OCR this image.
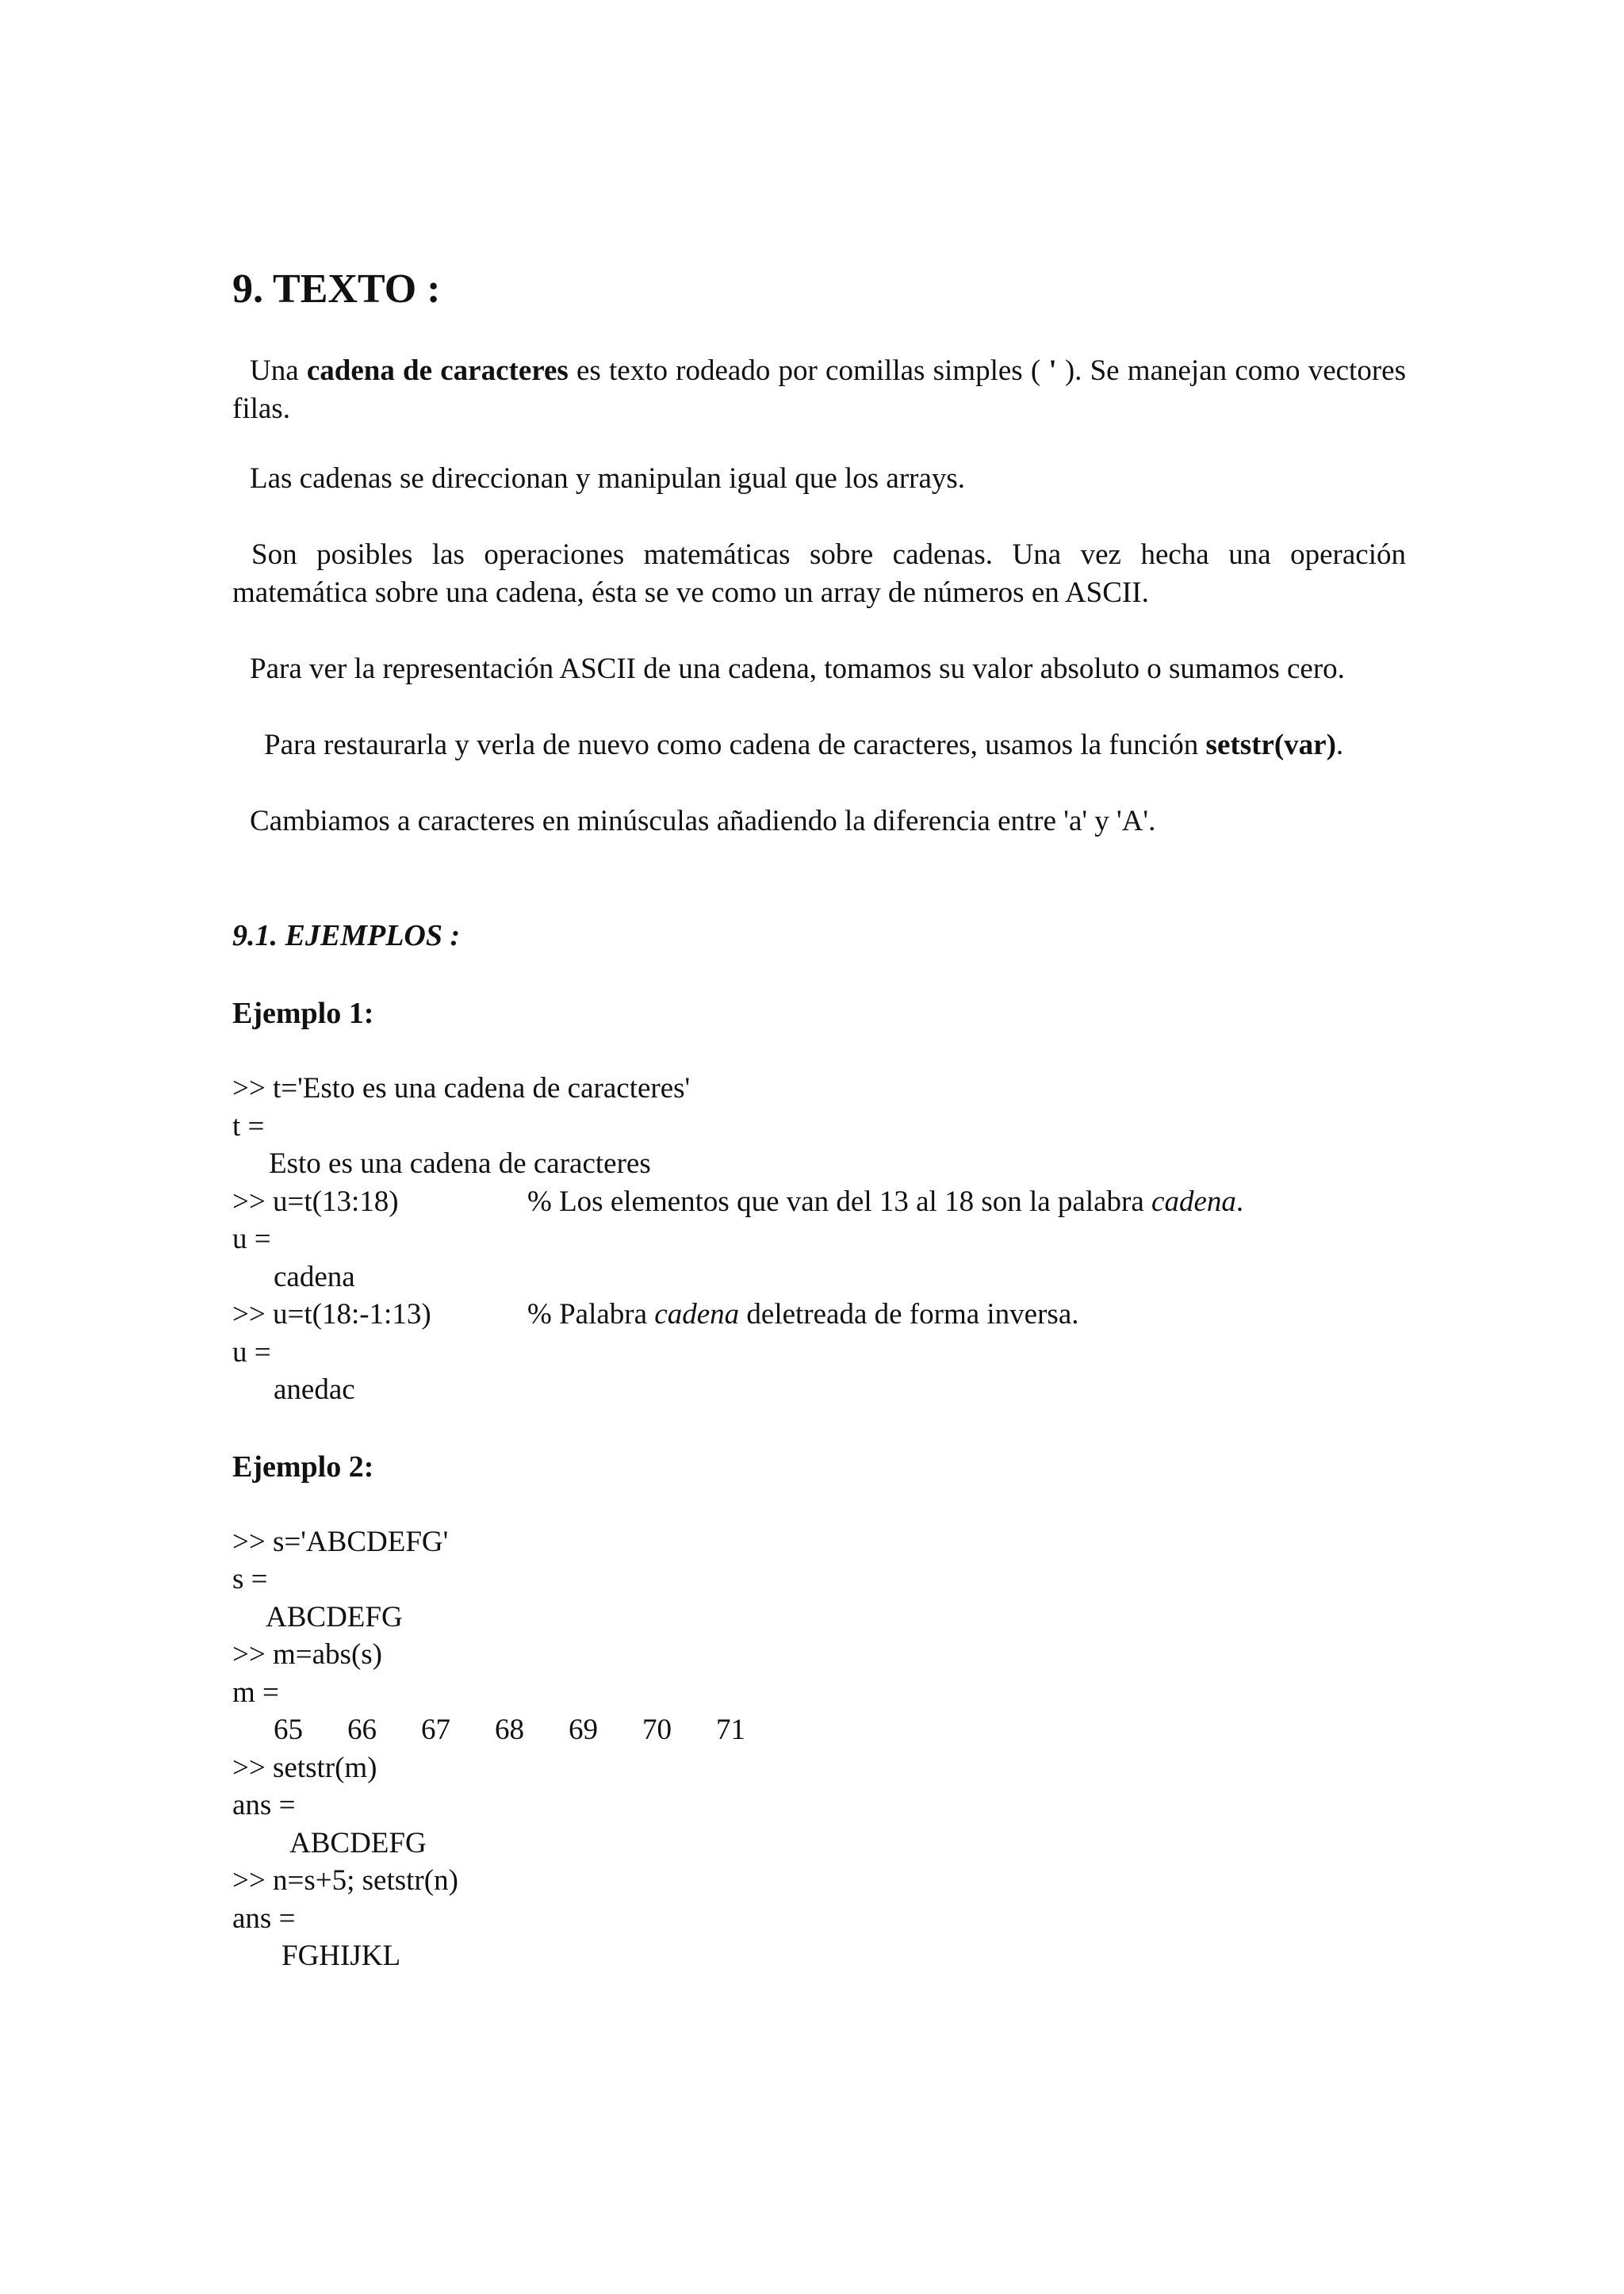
9. TEXTO :

Una cadena de caracteres es texto rodeado por comillas simples ( ' ). Se manejan como vectores filas.

Las cadenas se direccionan y manipulan igual que los arrays.

Son posibles las operaciones matemáticas sobre cadenas. Una vez hecha una operación matemática sobre una cadena, ésta se ve como un array de números en ASCII.

Para ver la representación ASCII de una cadena, tomamos su valor absoluto o sumamos cero.

Para restaurarla y verla de nuevo como cadena de caracteres, usamos la función setstr(var).

Cambiamos a caracteres en minúsculas añadiendo la diferencia entre 'a' y 'A'.

9.1. EJEMPLOS :
Ejemplo 1:
>> t='Esto es una cadena de caracteres'
t =
Esto es una cadena de caracteres
>> u=t(13:18)	% Los elementos que van del 13 al 18 son la palabra cadena.
u =
cadena
>> u=t(18:-1:13)	% Palabra cadena deletreada de forma inversa.
u =
anedac
Ejemplo 2:
>> s='ABCDEFG'
s =
ABCDEFG
>> m=abs(s)
m =
65 66 67 68 69 70 71
>> setstr(m)
ans =
ABCDEFG
>> n=s+5; setstr(n)
ans =
FGHIJKL
